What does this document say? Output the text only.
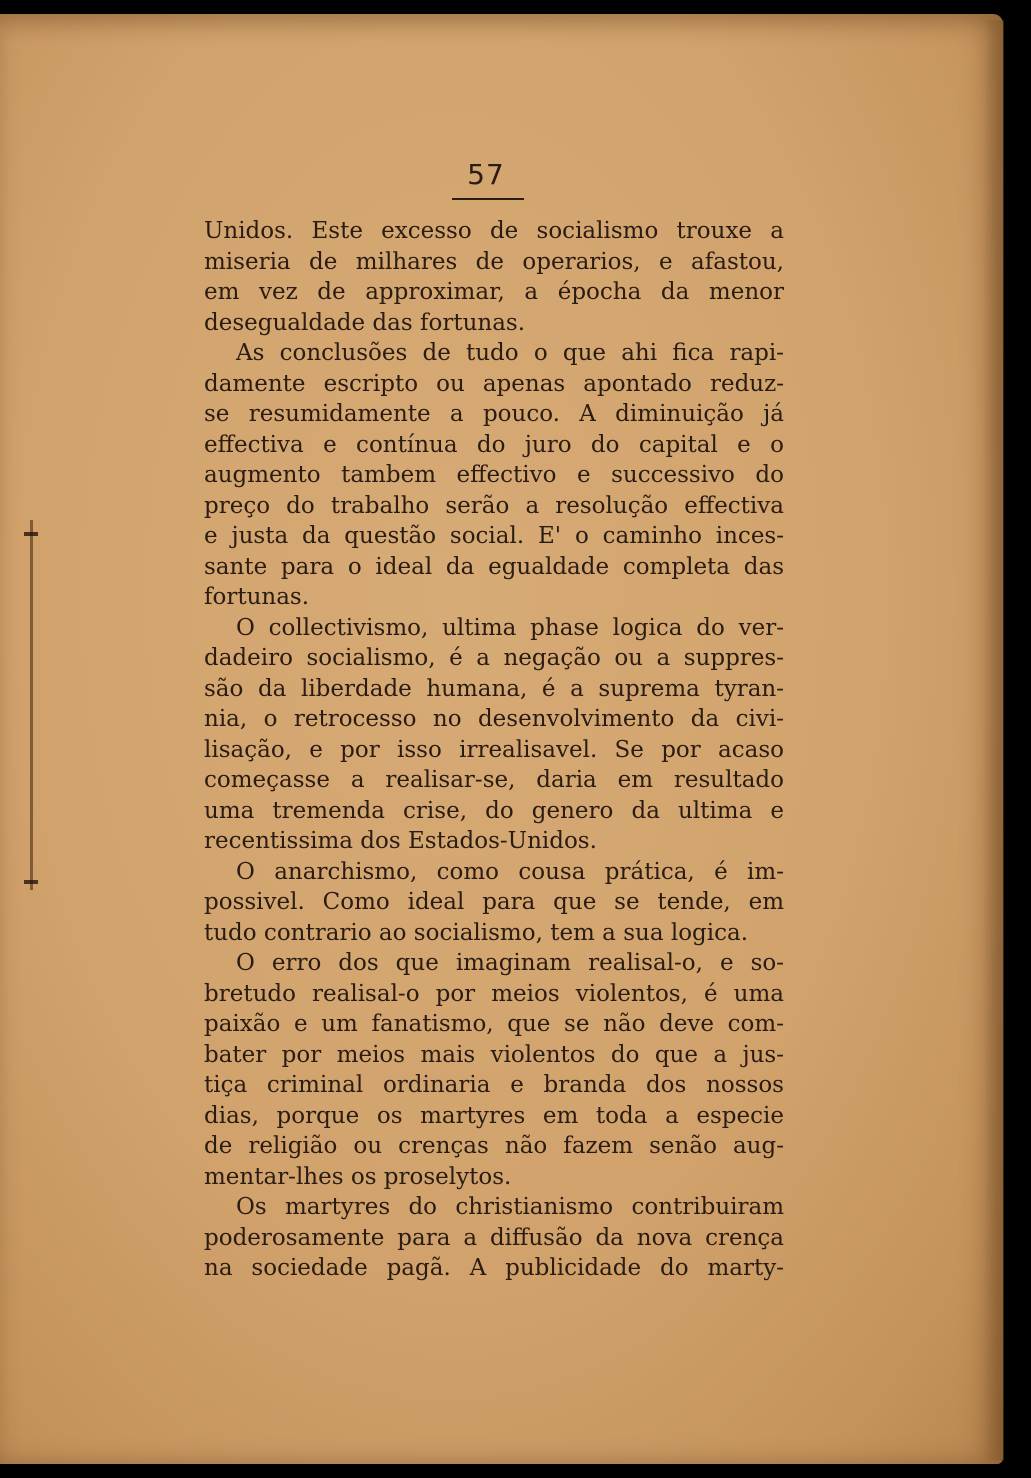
57
Unidos. Este excesso de socialismo trouxe a
miseria de milhares de operarios, e afastou,
em vez de approximar, a épocha da menor
desegualdade das fortunas.
As conclusões de tudo o que ahi fica rapi-
damente escripto ou apenas apontado reduz-
se resumidamente a pouco. A diminuição já
effectiva e contínua do juro do capital e o
augmento tambem effectivo e successivo do
preço do trabalho serão a resolução effectiva
e justa da questão social. E' o caminho inces-
sante para o ideal da egualdade completa das
fortunas.
O collectivismo, ultima phase logica do ver-
dadeiro socialismo, é a negação ou a suppres-
são da liberdade humana, é a suprema tyran-
nia, o retrocesso no desenvolvimento da civi-
lisação, e por isso irrealisavel. Se por acaso
começasse a realisar-se, daria em resultado
uma tremenda crise, do genero da ultima e
recentissima dos Estados-Unidos.
O anarchismo, como cousa prática, é im-
possivel. Como ideal para que se tende, em
tudo contrario ao socialismo, tem a sua logica.
O erro dos que imaginam realisal-o, e so-
bretudo realisal-o por meios violentos, é uma
paixão e um fanatismo, que se não deve com-
bater por meios mais violentos do que a jus-
tiça criminal ordinaria e branda dos nossos
dias, porque os martyres em toda a especie
de religião ou crenças não fazem senão aug-
mentar-lhes os proselytos.
Os martyres do christianismo contribuiram
poderosamente para a diffusão da nova crença
na sociedade pagã. A publicidade do marty-
